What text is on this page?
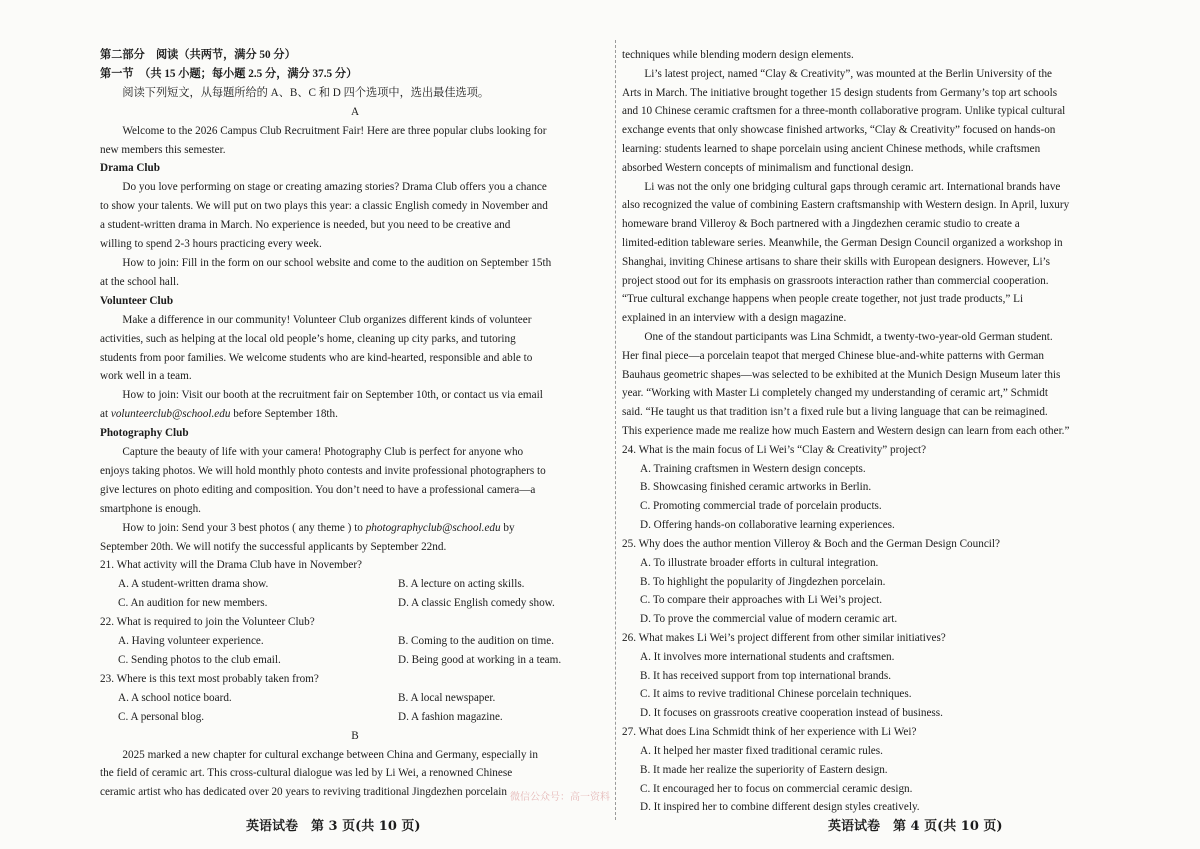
第二部分　阅读（共两节，满分 50 分）

第一节　（共 15 小题；每小题 2.5 分，满分 37.5 分）

阅读下列短文，从每题所给的 A、B、C 和 D 四个选项中，选出最佳选项。

A

Welcome to the 2026 Campus Club Recruitment Fair! Here are three popular clubs looking for

new members this semester.

Drama Club

Do you love performing on stage or creating amazing stories? Drama Club offers you a chance

to show your talents. We will put on two plays this year: a classic English comedy in November and

a student-written drama in March. No experience is needed, but you need to be creative and

willing to spend 2-3 hours practicing every week.

How to join: Fill in the form on our school website and come to the audition on September 15th

at the school hall.

Volunteer Club

Make a difference in our community! Volunteer Club organizes different kinds of volunteer

activities, such as helping at the local old people’s home, cleaning up city parks, and tutoring

students from poor families. We welcome students who are kind-hearted, responsible and able to

work well in a team.

How to join: Visit our booth at the recruitment fair on September 10th, or contact us via email

at volunteerclub@school.edu before September 18th.

Photography Club

Capture the beauty of life with your camera! Photography Club is perfect for anyone who

enjoys taking photos. We will hold monthly photo contests and invite professional photographers to

give lectures on photo editing and composition. You don’t need to have a professional camera—a

smartphone is enough.

How to join: Send your 3 best photos ( any theme ) to photographyclub@school.edu by

September 20th. We will notify the successful applicants by September 22nd.

21. What activity will the Drama Club have in November?

A. A student-written drama show.	B. A lecture on acting skills.
C. An audition for new members.	D. A classic English comedy show.

22. What is required to join the Volunteer Club?

A. Having volunteer experience.	B. Coming to the audition on time.
C. Sending photos to the club email.	D. Being good at working in a team.

23. Where is this text most probably taken from?

A. A school notice board.	B. A local newspaper.
C. A personal blog.	D. A fashion magazine.

B

2025 marked a new chapter for cultural exchange between China and Germany, especially in

the field of ceramic art. This cross-cultural dialogue was led by Li Wei, a renowned Chinese

ceramic artist who has dedicated over 20 years to reviving traditional Jingdezhen porcelain

techniques while blending modern design elements.

Li’s latest project, named “Clay & Creativity”, was mounted at the Berlin University of the

Arts in March. The initiative brought together 15 design students from Germany’s top art schools

and 10 Chinese ceramic craftsmen for a three-month collaborative program. Unlike typical cultural

exchange events that only showcase finished artworks, “Clay & Creativity” focused on hands-on

learning: students learned to shape porcelain using ancient Chinese methods, while craftsmen

absorbed Western concepts of minimalism and functional design.

Li was not the only one bridging cultural gaps through ceramic art. International brands have

also recognized the value of combining Eastern craftsmanship with Western design. In April, luxury

homeware brand Villeroy & Boch partnered with a Jingdezhen ceramic studio to create a

limited-edition tableware series. Meanwhile, the German Design Council organized a workshop in

Shanghai, inviting Chinese artisans to share their skills with European designers. However, Li’s

project stood out for its emphasis on grassroots interaction rather than commercial cooperation.

“True cultural exchange happens when people create together, not just trade products,” Li

explained in an interview with a design magazine.

One of the standout participants was Lina Schmidt, a twenty-two-year-old German student.

Her final piece—a porcelain teapot that merged Chinese blue-and-white patterns with German

Bauhaus geometric shapes—was selected to be exhibited at the Munich Design Museum later this

year. “Working with Master Li completely changed my understanding of ceramic art,” Schmidt

said. “He taught us that tradition isn’t a fixed rule but a living language that can be reimagined.

This experience made me realize how much Eastern and Western design can learn from each other.”

24. What is the main focus of Li Wei’s “Clay & Creativity” project?

A. Training craftsmen in Western design concepts.

B. Showcasing finished ceramic artworks in Berlin.

C. Promoting commercial trade of porcelain products.

D. Offering hands-on collaborative learning experiences.

25. Why does the author mention Villeroy & Boch and the German Design Council?

A. To illustrate broader efforts in cultural integration.

B. To highlight the popularity of Jingdezhen porcelain.

C. To compare their approaches with Li Wei’s project.

D. To prove the commercial value of modern ceramic art.

26. What makes Li Wei’s project different from other similar initiatives?

A. It involves more international students and craftsmen.

B. It has received support from top international brands.

C. It aims to revive traditional Chinese porcelain techniques.

D. It focuses on grassroots creative cooperation instead of business.

27. What does Lina Schmidt think of her experience with Li Wei?

A. It helped her master fixed traditional ceramic rules.

B. It made her realize the superiority of Eastern design.

C. It encouraged her to focus on commercial ceramic design.

D. It inspired her to combine different design styles creatively.

微信公众号：高一资料
英语试卷　第 3 页(共 10 页)	英语试卷　第 4 页(共 10 页)
